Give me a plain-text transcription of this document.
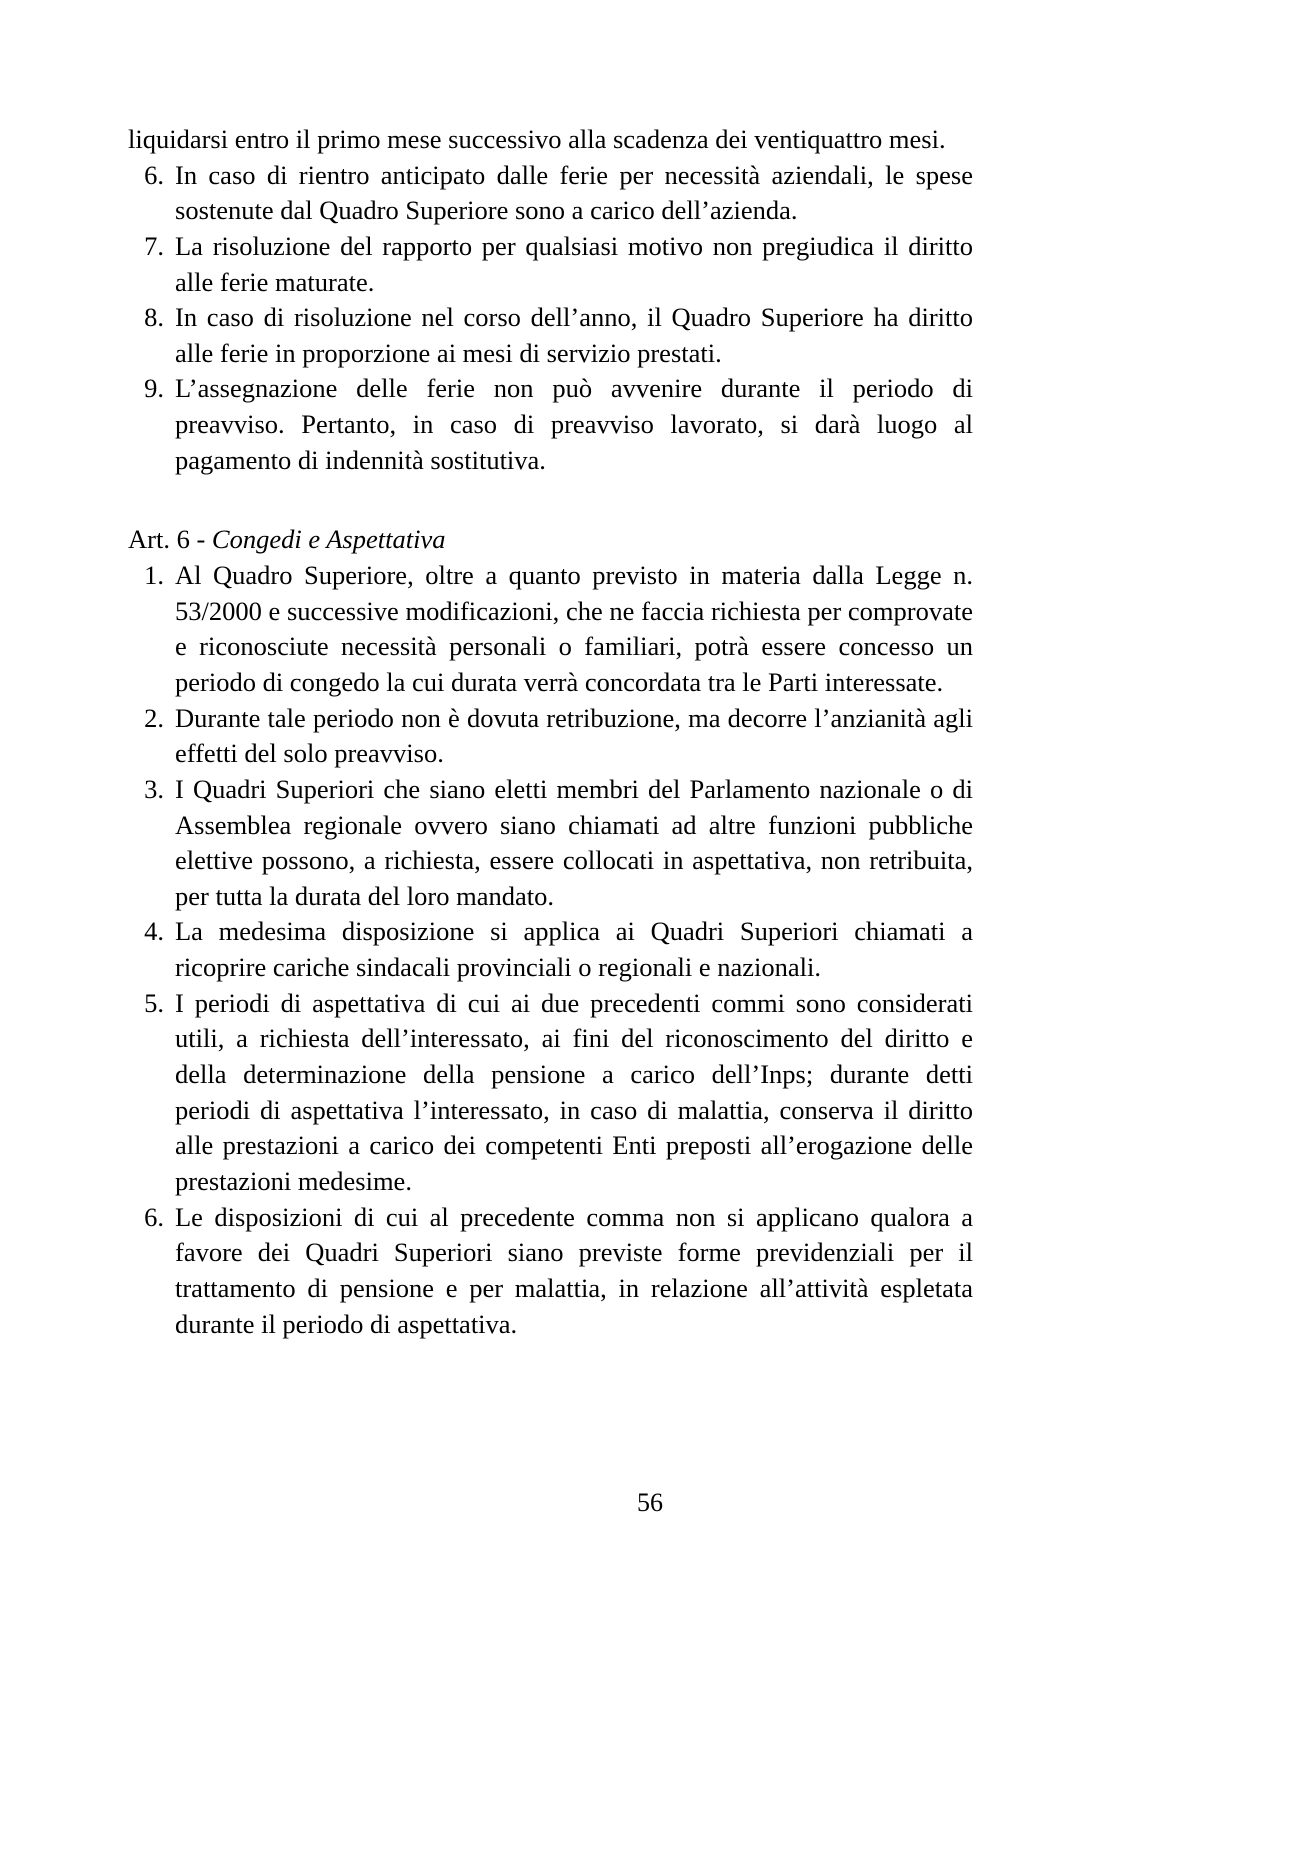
liquidarsi entro il primo mese successivo alla scadenza dei ventiquattro mesi.

6. In caso di rientro anticipato dalle ferie per necessità aziendali, le spese sostenute dal Quadro Superiore sono a carico dell’azienda.
7. La risoluzione del rapporto per qualsiasi motivo non pregiudica il diritto alle ferie maturate.
8. In caso di risoluzione nel corso dell’anno, il Quadro Superiore ha diritto alle ferie in proporzione ai mesi di servizio prestati.
9. L’assegnazione delle ferie non può avvenire durante il periodo di preavviso. Pertanto, in caso di preavviso lavorato, si darà luogo al pagamento di indennità sostitutiva.

Art. 6 - Congedi e Aspettativa

1. Al Quadro Superiore, oltre a quanto previsto in materia dalla Legge n. 53/2000 e successive modificazioni, che ne faccia richiesta per comprovate e riconosciute necessità personali o familiari, potrà essere concesso un periodo di congedo la cui durata verrà concordata tra le Parti interessate.
2. Durante tale periodo non è dovuta retribuzione, ma decorre l’anzianità agli effetti del solo preavviso.
3. I Quadri Superiori che siano eletti membri del Parlamento nazionale o di Assemblea regionale ovvero siano chiamati ad altre funzioni pubbliche elettive possono, a richiesta, essere collocati in aspettativa, non retribuita, per tutta la durata del loro mandato.
4. La medesima disposizione si applica ai Quadri Superiori chiamati a ricoprire cariche sindacali provinciali o regionali e nazionali.
5. I periodi di aspettativa di cui ai due precedenti commi sono considerati utili, a richiesta dell’interessato, ai fini del riconoscimento del diritto e della determinazione della pensione a carico dell’Inps; durante detti periodi di aspettativa l’interessato, in caso di malattia, conserva il diritto alle prestazioni a carico dei competenti Enti preposti all’erogazione delle prestazioni medesime.
6. Le disposizioni di cui al precedente comma non si applicano qualora a favore dei Quadri Superiori siano previste forme previdenziali per il trattamento di pensione e per malattia, in relazione all’attività espletata durante il periodo di aspettativa.
56
